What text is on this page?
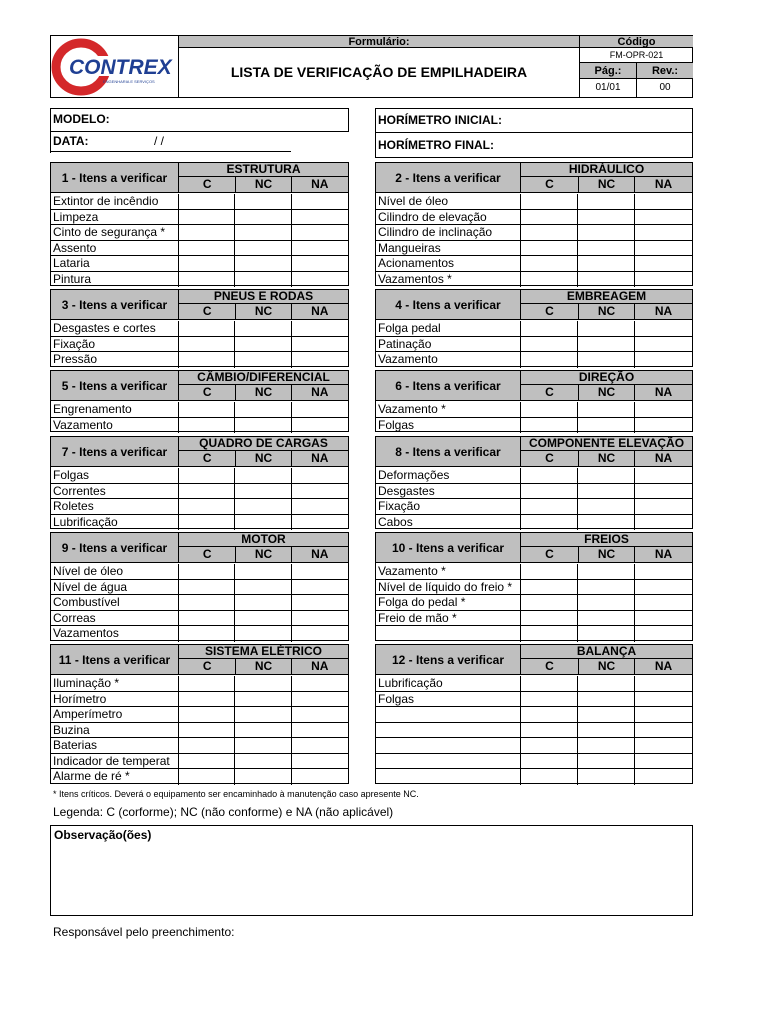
CONTREX
ENGENHARIA E SERVIÇOS
Formulário:
LISTA DE VERIFICAÇÃO DE EMPILHADEIRA
Código
FM-OPR-021
Pág.:	Rev.:
01/01	00
MODELO:
DATA:	/ /
HORÍMETRO INICIAL:
HORÍMETRO FINAL:
1 - Itens a verificar
ESTRUTURA
C	NC	NA
Extintor de incêndio
Limpeza
Cinto de segurança *
Assento
Lataria
Pintura
2 - Itens a verificar
HIDRÁULICO
C	NC	NA
Nível de óleo
Cilindro de elevação
Cilindro de inclinação
Mangueiras
Acionamentos
Vazamentos *
3 - Itens a verificar
PNEUS E RODAS
C	NC	NA
Desgastes e cortes
Fixação
Pressão
4 - Itens a verificar
EMBREAGEM
C	NC	NA
Folga pedal
Patinação
Vazamento
5 - Itens a verificar
CÂMBIO/DIFERENCIAL
C	NC	NA
Engrenamento
Vazamento
6 - Itens a verificar
DIREÇÃO
C	NC	NA
Vazamento *
Folgas
7 - Itens a verificar
QUADRO DE CARGAS
C	NC	NA
Folgas
Correntes
Roletes
Lubrificação
8 - Itens a verificar
COMPONENTE ELEVAÇÃO
C	NC	NA
Deformações
Desgastes
Fixação
Cabos
9 - Itens a verificar
MOTOR
C	NC	NA
Nível de óleo
Nível de água
Combustível
Correas
Vazamentos
10 - Itens a verificar
FREIOS
C	NC	NA
Vazamento *
Nível de líquido do freio *
Folga do pedal *
Freio de mão *
11 - Itens a verificar
SISTEMA ELÉTRICO
C	NC	NA
Iluminação *
Horímetro
Amperímetro
Buzina
Baterias
Indicador de temperat
Alarme de ré *
12 - Itens a verificar
BALANÇA
C	NC	NA
Lubrificação
Folgas
* Itens críticos. Deverá o equipamento ser encaminhado à manutenção caso apresente NC.
Legenda: C (corforme); NC (não conforme) e NA (não aplicável)
Observação(ões)
Responsável pelo preenchimento:
